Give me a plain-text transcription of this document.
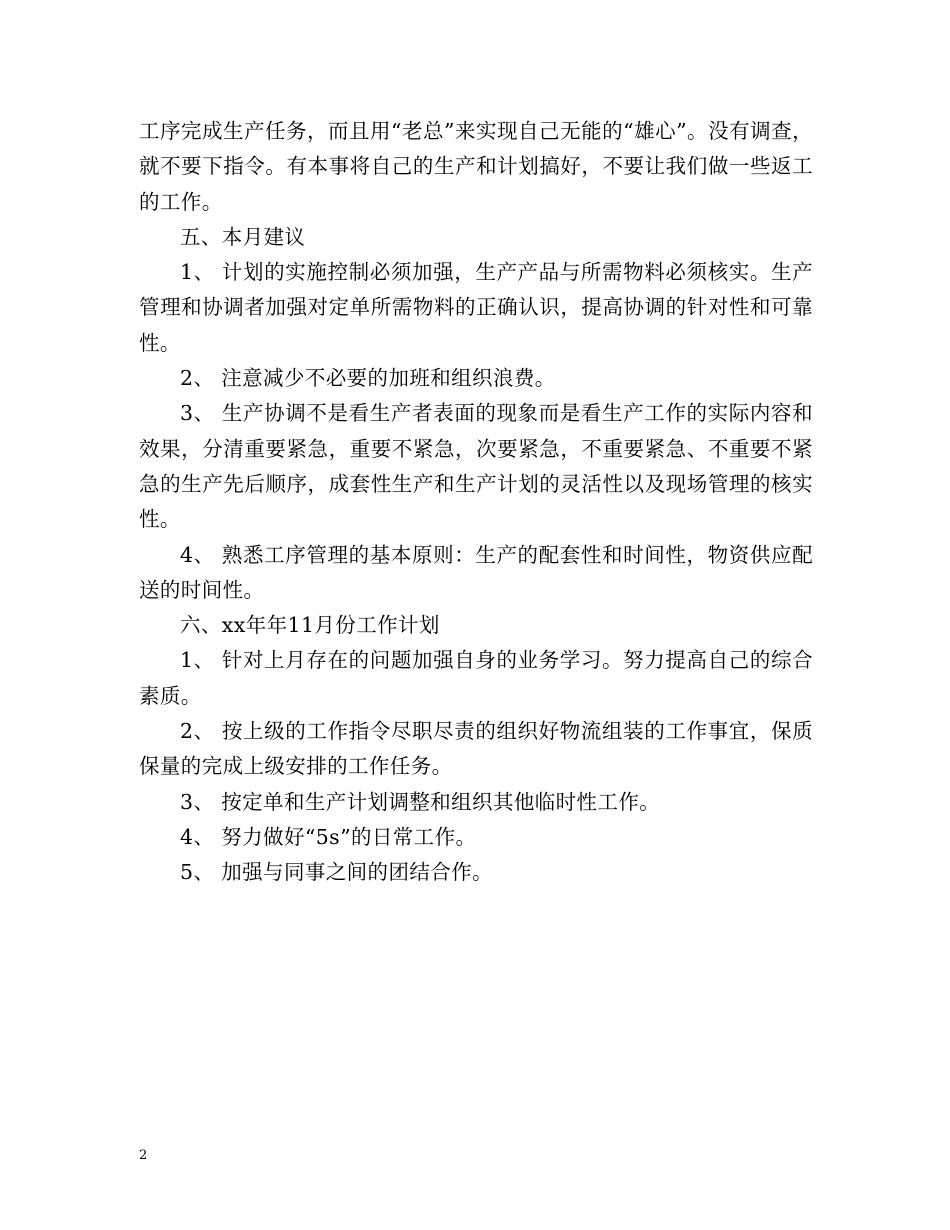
工序完成生产任务，而且用“老总”来实现自己无能的“雄心”。没有调查，就不要下指令。有本事将自己的生产和计划搞好，不要让我们做一些返工的工作。

五、本月建议

1、 计划的实施控制必须加强，生产产品与所需物料必须核实。生产管理和协调者加强对定单所需物料的正确认识，提高协调的针对性和可靠性。

2、 注意减少不必要的加班和组织浪费。

3、 生产协调不是看生产者表面的现象而是看生产工作的实际内容和效果，分清重要紧急，重要不紧急，次要紧急，不重要紧急、不重要不紧急的生产先后顺序，成套性生产和生产计划的灵活性以及现场管理的核实性。

4、 熟悉工序管理的基本原则：生产的配套性和时间性，物资供应配送的时间性。

六、xx年年11月份工作计划

1、 针对上月存在的问题加强自身的业务学习。努力提高自己的综合素质。

2、 按上级的工作指令尽职尽责的组织好物流组装的工作事宜，保质保量的完成上级安排的工作任务。

3、 按定单和生产计划调整和组织其他临时性工作。

4、 努力做好“5s”的日常工作。

5、 加强与同事之间的团结合作。

2
